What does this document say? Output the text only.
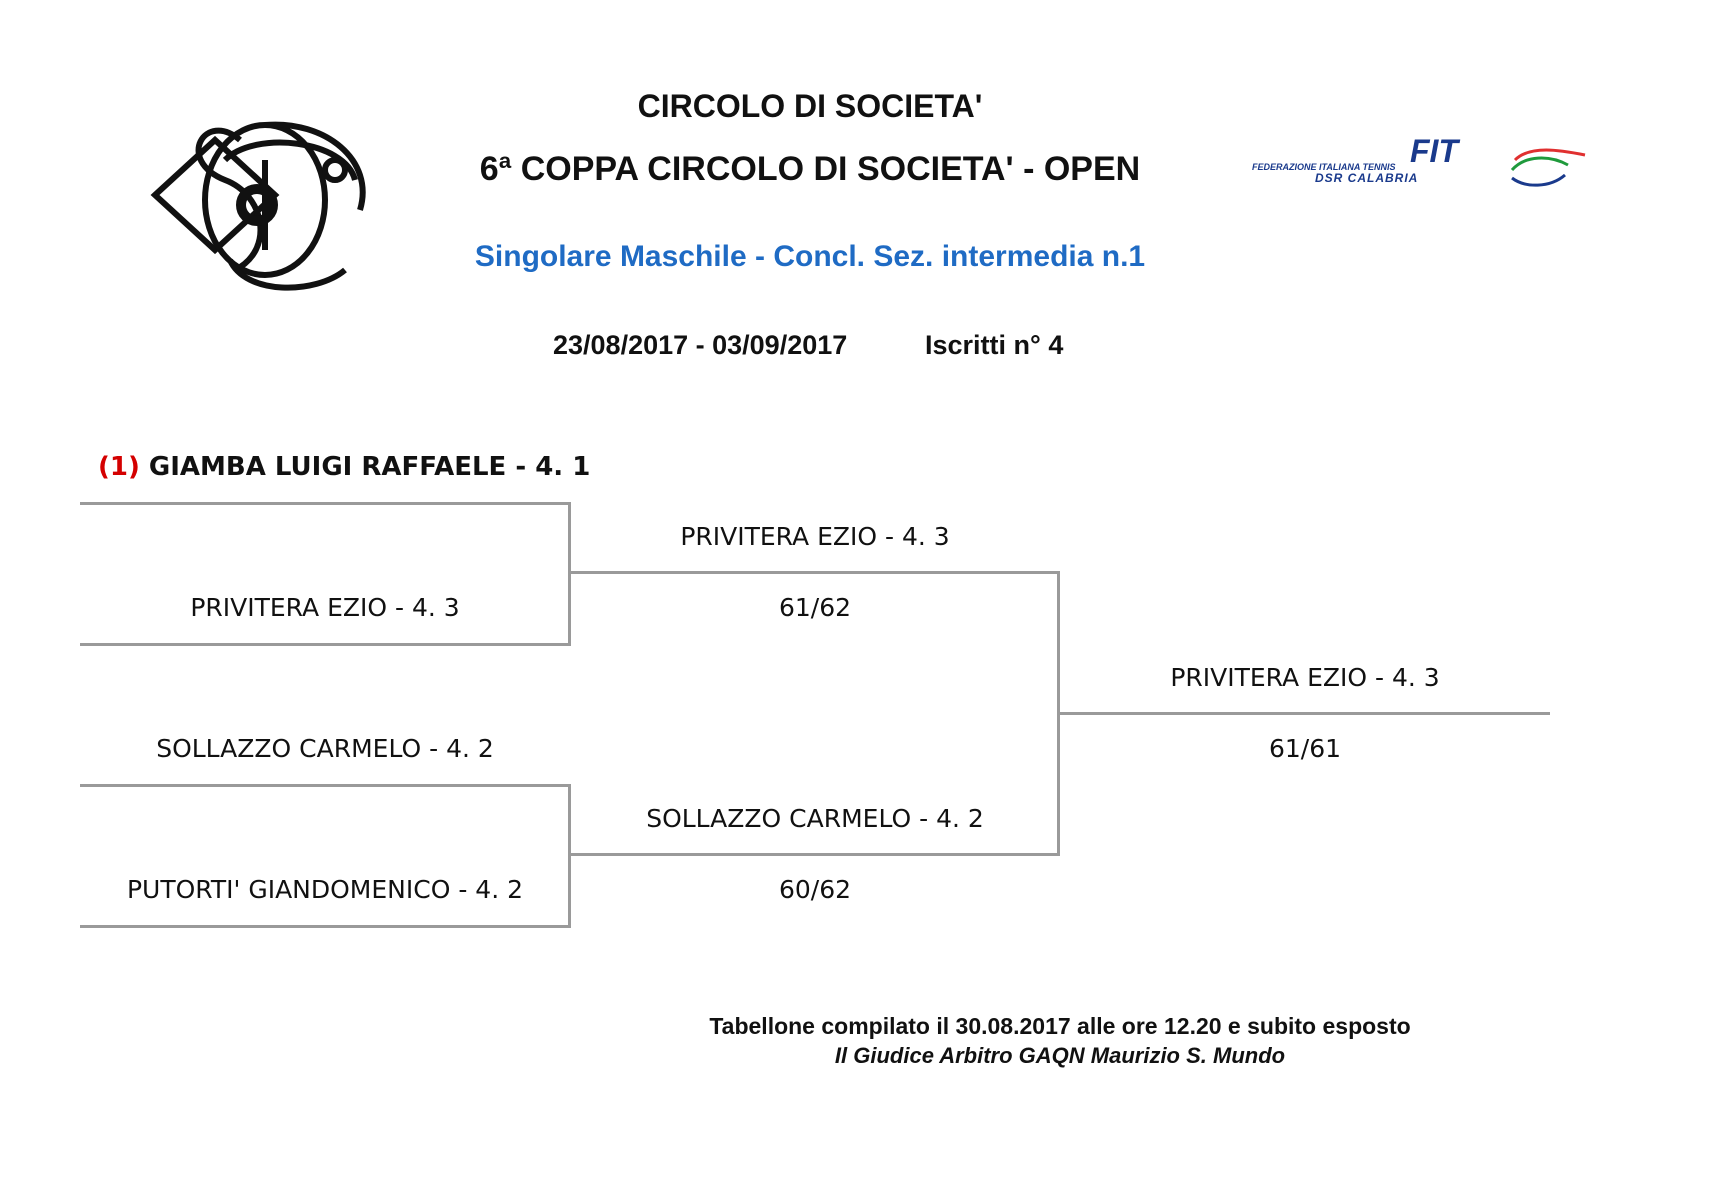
FIT
FEDERAZIONE ITALIANA TENNIS
DSR CALABRIA
CIRCOLO DI SOCIETA'
6ª COPPA CIRCOLO DI SOCIETA' - OPEN
Singolare Maschile - Concl. Sez. intermedia n.1
23/08/2017 - 03/09/2017	Iscritti n° 4
(1) GIAMBA LUIGI RAFFAELE - 4. 1
PRIVITERA EZIO - 4. 3
SOLLAZZO CARMELO - 4. 2
PUTORTI' GIANDOMENICO - 4. 2
PRIVITERA EZIO - 4. 3
61/62
SOLLAZZO CARMELO - 4. 2
60/62
PRIVITERA EZIO - 4. 3
61/61
Tabellone compilato il 30.08.2017 alle ore 12.20 e subito esposto
Il Giudice Arbitro GAQN Maurizio S. Mundo
